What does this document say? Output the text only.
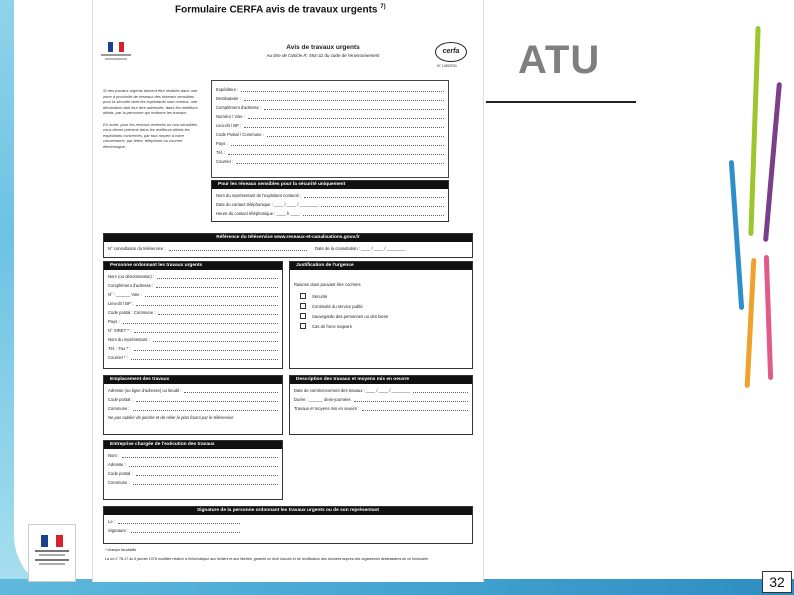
Formulaire CERFA avis de travaux urgents $^{7)}$
Avis de travaux urgents
Au titre de l'article R. 554-32 du code de l'environnement
cerfa
N° 14523*01

Si des travaux urgents doivent être réalisés dans une zone à proximité de réseaux des réseaux sensibles pour la sécurité dont les exploitants sont connus, une déclaration doit leur être adressée, dans les meilleurs délais, par la personne qui ordonne les travaux.

En outre, pour les réseaux enterrés ou non sensibles, vous devez prévenir dans les meilleurs délais les exploitants concernés, par tout moyen à votre convenance, par lettre, téléphone ou courrier électronique.

Expéditeur :
Destinataire :
Complément d'adresse :
Numéro / Voie :
Lieu-dit / BP :
Code Postal / Commune :
Pays :
Tél. :
Courriel :
Pour les réseaux sensibles pour la sécurité uniquement
Nom du représentant de l'exploitant contacté :
Date du contact téléphonique : ____ / ____ / ________
Heure du contact téléphonique : ____ h ____
Référence du téléservice www.reseaux-et-canalisations.gouv.fr
N° consultation du téléservice :	Date de la consultation : ____ / ____ / ________
Personne ordonnant les travaux urgents
Nom (ou dénomination) :
Complément d'adresse :
N° : ______ Voie :
Lieu-dit / BP :
Code postal : Commune :
Pays :
N° SIRET * :
Nom du représentant :
Tél. : Fax * :
Courriel * :
Justification de l'urgence
Raisons dues pouvant être cochées
Sécurité
Continuité du service public
Sauvegarde des personnes ou des biens
Cas de force majeure
Emplacement des travaux
Adresse (ou ligne d'adresse) ou lieudit :
Code postal :
Commune :
Ne pas oublier de joindre et de relier le plan fourni par le téléservice
Description des travaux et moyens mis en oeuvre
Date de commencement des travaux : ____ / ____ / ________
Durée : ______ demi-journées
Travaux et moyens mis en oeuvre :
Entreprise chargée de l'exécution des travaux
Nom :
Adresse :
Code postal :
Commune :
Signature de la personne ordonnant les travaux urgents ou de son représentant
Le :
Signature :
* champs facultatifs
La loi n° 78-17 du 6 janvier 1978 modifiée relative à l'informatique aux fichiers et aux libertés, garantit un droit d'accès et de rectification des données auprès des organismes destinataires de ce formulaire.
ATU
32
